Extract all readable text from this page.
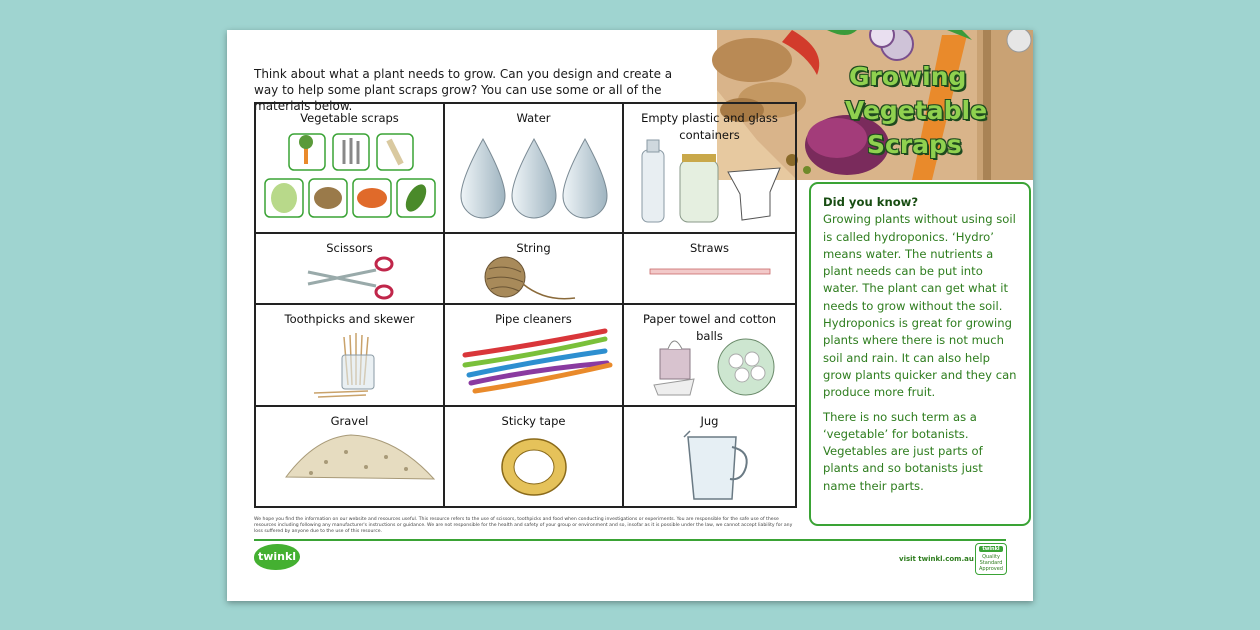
Think about what a plant needs to grow. Can you design and create a way to help some plant scraps grow? You can use some or all of the materials below.

Growing
Vegetable
Scraps
Vegetable scraps	Water	Empty plastic and glass containers
Scissors	String	Straws
Toothpicks and skewer	Pipe cleaners	Paper towel and cotton balls
Gravel	Sticky tape	Jug
Did you know?
Growing plants without using soil is called hydroponics. ‘Hydro’ means water. The nutrients a plant needs can be put into water. The plant can get what it needs to grow without the soil. Hydroponics is great for growing plants where there is not much soil and rain. It can also help grow plants quicker and they can produce more fruit.
There is no such term as a ‘vegetable’ for botanists. Vegetables are just parts of plants and so botanists just name their parts.
We hope you find the information on our website and resources useful. This resource refers to the use of scissors, toothpicks and food when conducting investigations or experiments. You are responsible for the safe use of these resources including following any manufacturer's instructions or guidance. We are not responsible for the health and safety of your group or environment and so, insofar as it is possible under the law, we cannot accept liability for any loss suffered by anyone due to the use of this resource.
twinkl	visit twinkl.com.au
twinkl
Quality Standard Approved
